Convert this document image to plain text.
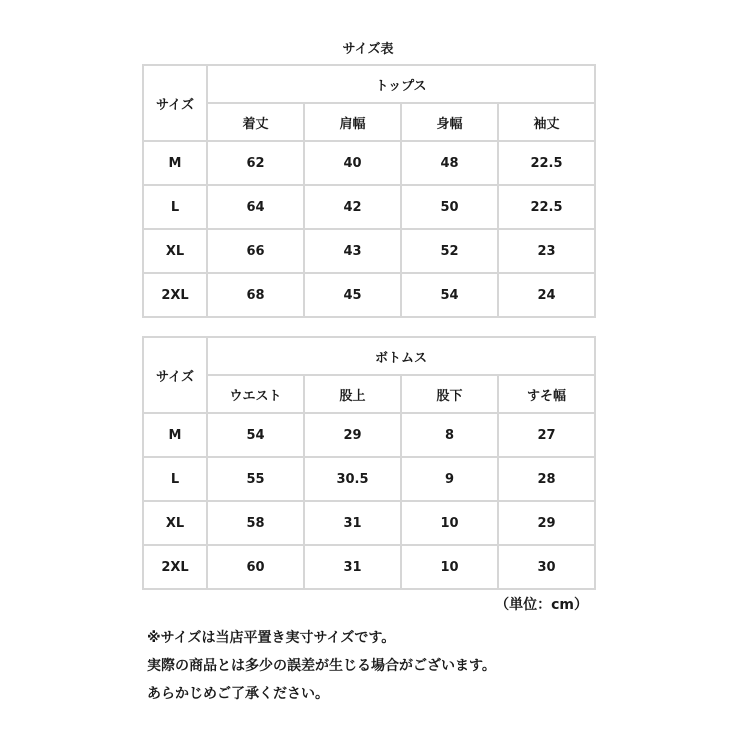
サイズ表
サイズ	トップス			
	着丈	肩幅	身幅	袖丈
M	62	40	48	22.5
L	64	42	50	22.5
XL	66	43	52	23
2XL	68	45	54	24
サイズ	ボトムス			
	ウエスト	股上	股下	すそ幅
M	54	29	8	27
L	55	30.5	9	28
XL	58	31	10	29
2XL	60	31	10	30
（単位：cm）
※サイズは当店平置き実寸サイズです。
実際の商品とは多少の誤差が生じる場合がございます。
あらかじめご了承ください。
